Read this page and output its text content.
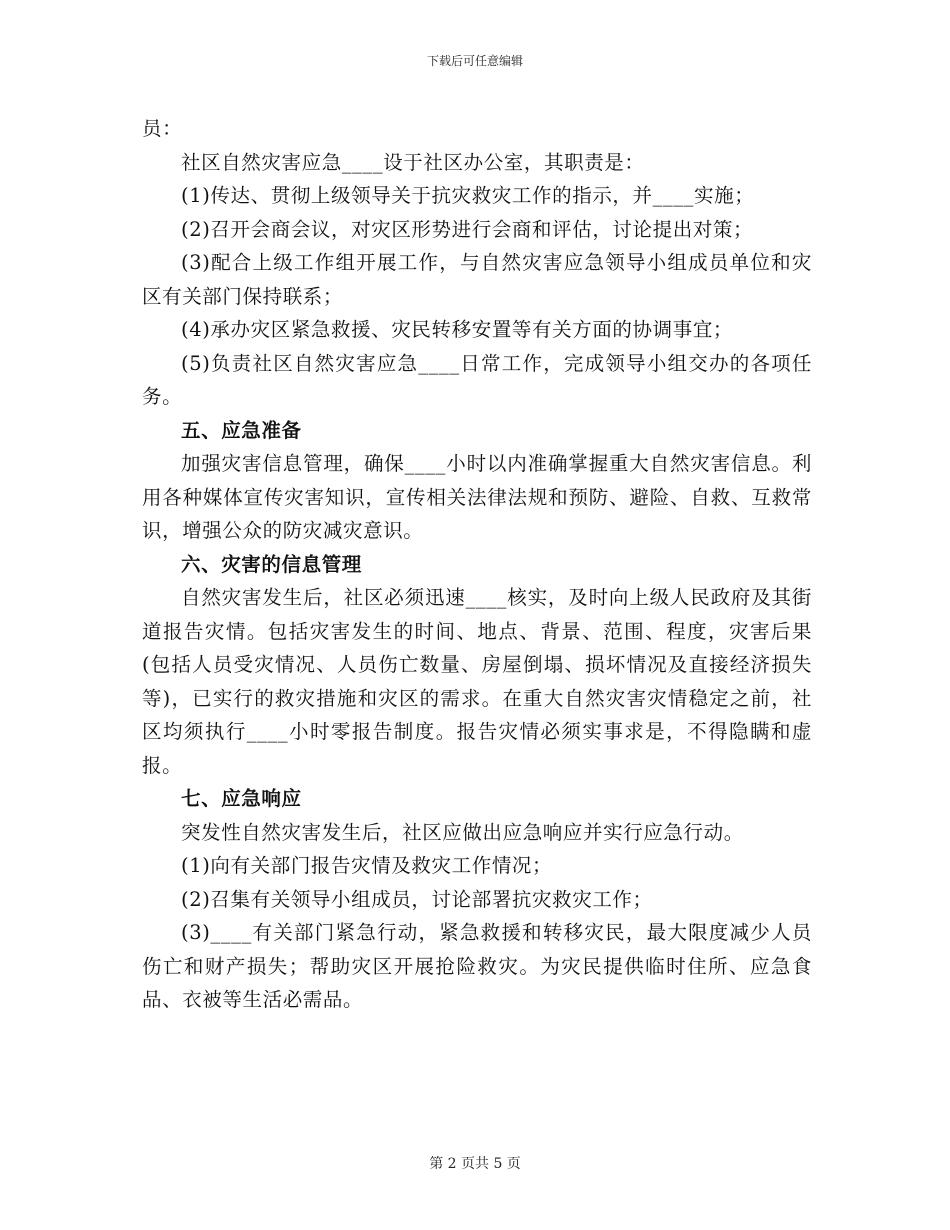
下载后可任意编辑

员：

社区自然灾害应急____设于社区办公室，其职责是：

(1)传达、贯彻上级领导关于抗灾救灾工作的指示，并____实施；

(2)召开会商会议，对灾区形势进行会商和评估，讨论提出对策；

(3)配合上级工作组开展工作，与自然灾害应急领导小组成员单位和灾区有关部门保持联系；

(4)承办灾区紧急救援、灾民转移安置等有关方面的协调事宜；

(5)负责社区自然灾害应急____日常工作，完成领导小组交办的各项任务。

五、应急准备

加强灾害信息管理，确保____小时以内准确掌握重大自然灾害信息。利用各种媒体宣传灾害知识，宣传相关法律法规和预防、避险、自救、互救常识，增强公众的防灾减灾意识。

六、灾害的信息管理

自然灾害发生后，社区必须迅速____核实，及时向上级人民政府及其街道报告灾情。包括灾害发生的时间、地点、背景、范围、程度，灾害后果(包括人员受灾情况、人员伤亡数量、房屋倒塌、损坏情况及直接经济损失等)，已实行的救灾措施和灾区的需求。在重大自然灾害灾情稳定之前，社区均须执行____小时零报告制度。报告灾情必须实事求是，不得隐瞒和虚报。

七、应急响应

突发性自然灾害发生后，社区应做出应急响应并实行应急行动。

(1)向有关部门报告灾情及救灾工作情况；

(2)召集有关领导小组成员，讨论部署抗灾救灾工作；

(3)____有关部门紧急行动，紧急救援和转移灾民，最大限度减少人员伤亡和财产损失；帮助灾区开展抢险救灾。为灾民提供临时住所、应急食品、衣被等生活必需品。

第 2 页共 5 页
